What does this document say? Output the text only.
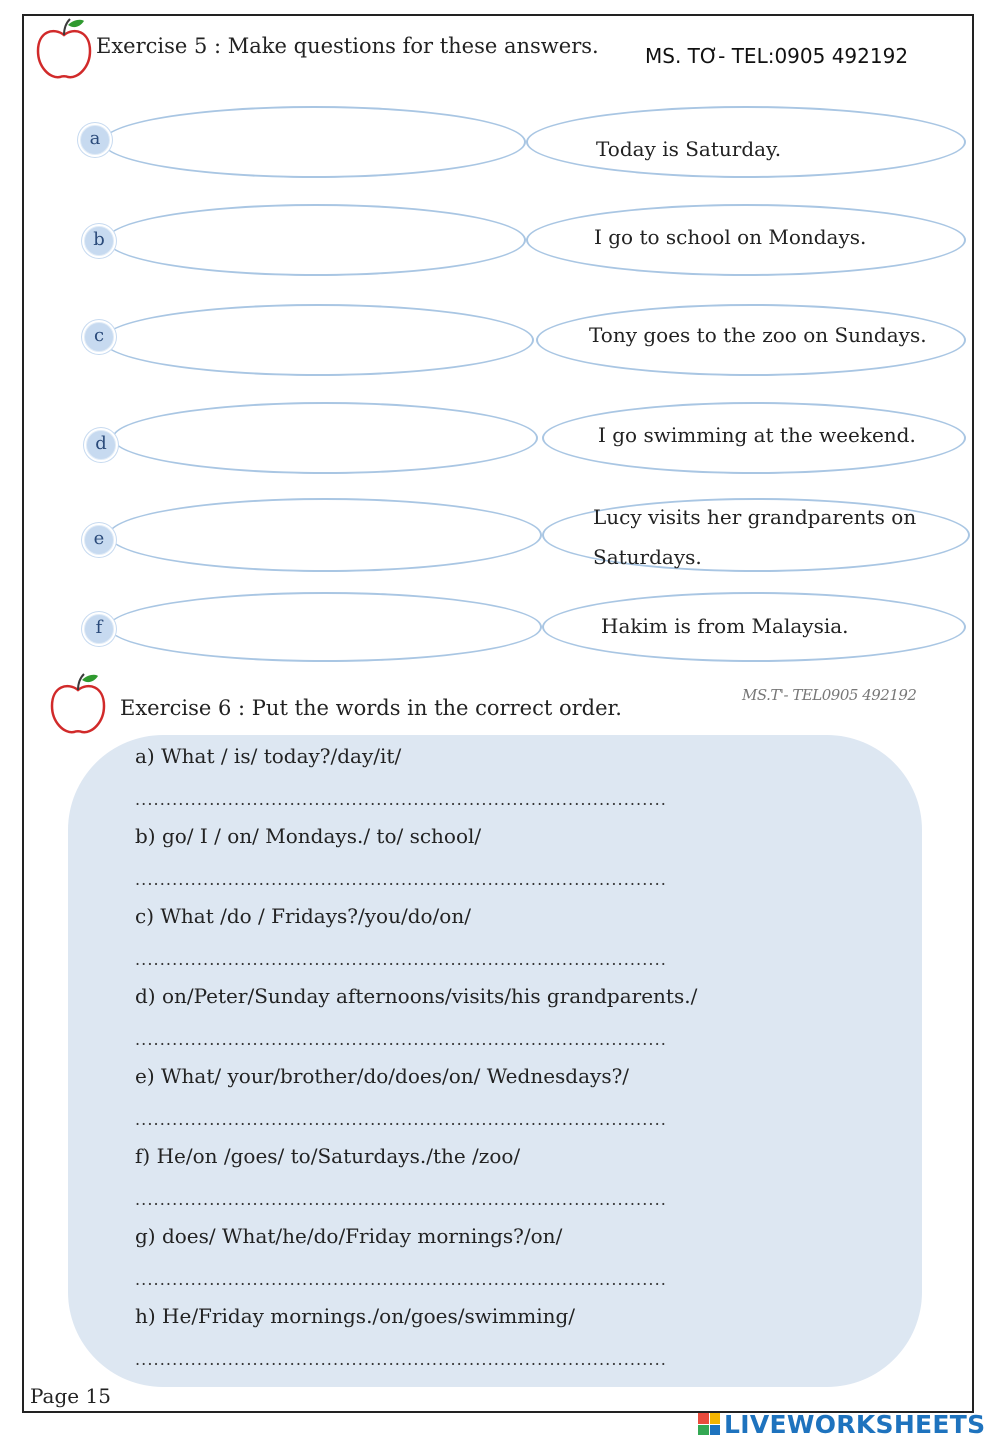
Exercise 5 : Make questions for these answers. MS. TƠ- TEL:0905 492192
Today is Saturday.
a
I go to school on Mondays.
b
Tony goes to the zoo on Sundays.
c
I go swimming at the weekend.
d
Lucy visits her grandparents on Saturdays.
e
Hakim is from Malaysia.
f
Exercise 6 : Put the words in the correct order.
MS.T'- TEL0905 492192
a) What / is/ today?/day/it/
......................................................................................
b) go/ I / on/ Mondays./ to/ school/
......................................................................................
c) What /do / Fridays?/you/do/on/
......................................................................................
d) on/Peter/Sunday afternoons/visits/his grandparents./
......................................................................................
e) What/ your/brother/do/does/on/ Wednesdays?/
......................................................................................
f) He/on /goes/ to/Saturdays./the /zoo/
......................................................................................
g) does/ What/he/do/Friday mornings?/on/
......................................................................................
h) He/Friday mornings./on/goes/swimming/
......................................................................................
Page 15
LIVEWORKSHEETS
